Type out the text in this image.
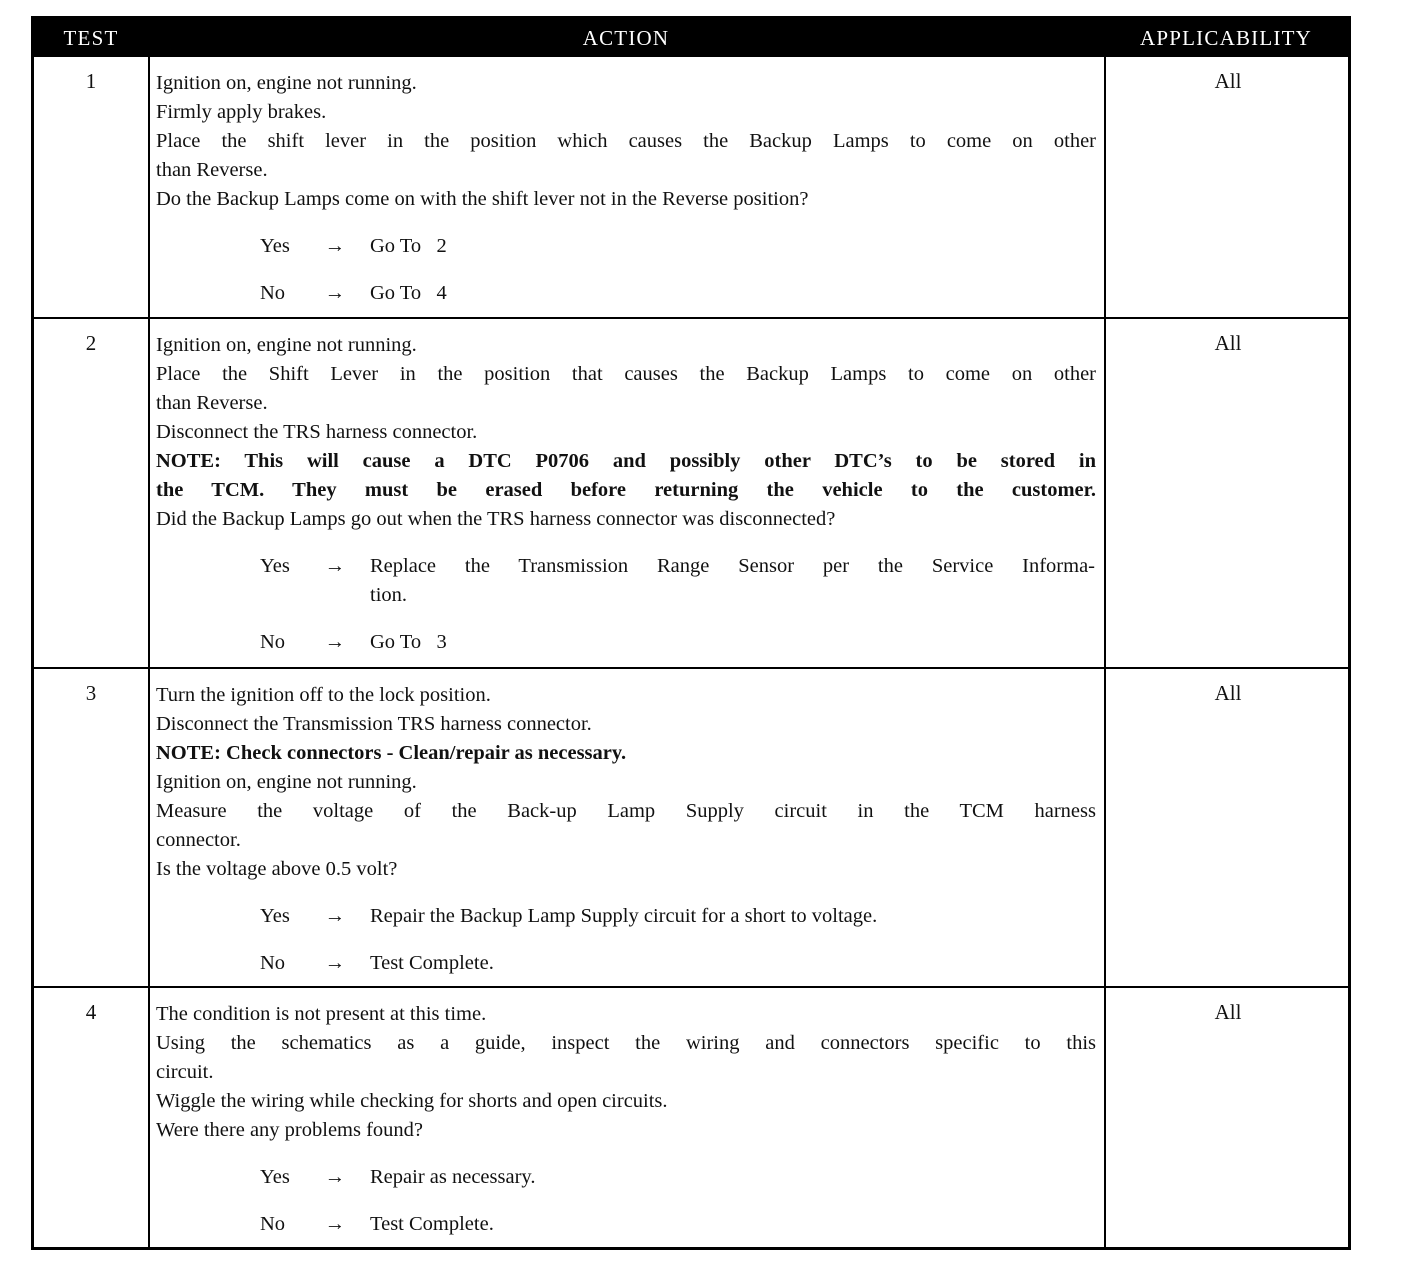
TEST	ACTION	APPLICABILITY
1	Ignition on, engine not running.
Firmly apply brakes.
Place the shift lever in the position which causes the Backup Lamps to come on other
than Reverse.
Do the Backup Lamps come on with the shift lever not in the Reverse position?
Yes	→ Go To   2
No	→ Go To   4
All
2	Ignition on, engine not running.
Place the Shift Lever in the position that causes the Backup Lamps to come on other
than Reverse.
Disconnect the TRS harness connector.
NOTE: This will cause a DTC P0706 and possibly other DTC’s to be stored in
the TCM. They must be erased before returning the vehicle to the customer.
Did the Backup Lamps go out when the TRS harness connector was disconnected?
Yes	→ Replace the Transmission Range Sensor per the Service Informa-
tion.
No	→ Go To   3
All
3	Turn the ignition off to the lock position.
Disconnect the Transmission TRS harness connector.
NOTE: Check connectors - Clean/repair as necessary.
Ignition on, engine not running.
Measure the voltage of the Back-up Lamp Supply circuit in the TCM harness
connector.
Is the voltage above 0.5 volt?
Yes	→ Repair the Backup Lamp Supply circuit for a short to voltage.
No	→ Test Complete.
All
4	The condition is not present at this time.
Using the schematics as a guide, inspect the wiring and connectors specific to this
circuit.
Wiggle the wiring while checking for shorts and open circuits.
Were there any problems found?
Yes	→ Repair as necessary.
No	→ Test Complete.
All
